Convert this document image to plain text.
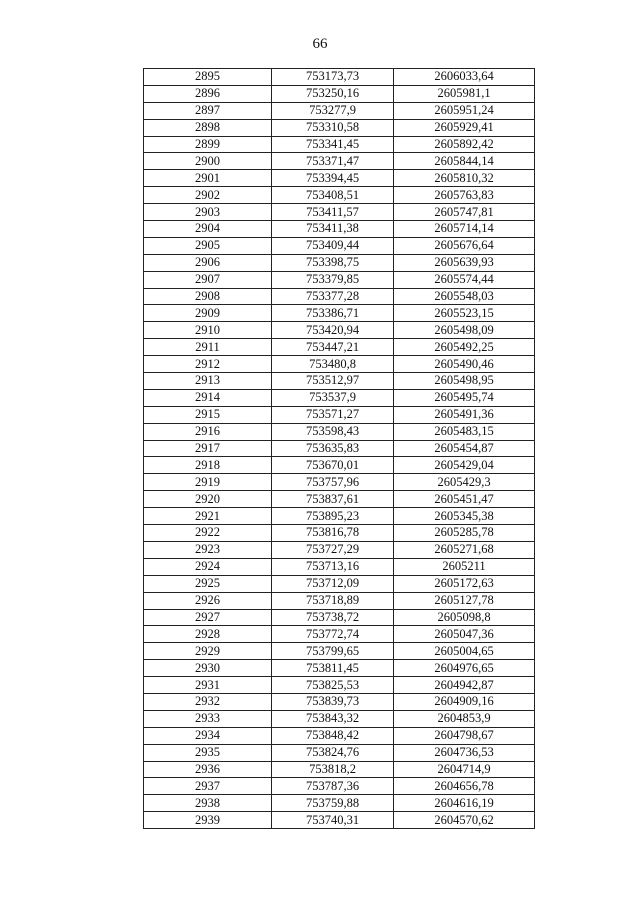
66
2895	753173,73	2606033,64
2896	753250,16	2605981,1
2897	753277,9	2605951,24
2898	753310,58	2605929,41
2899	753341,45	2605892,42
2900	753371,47	2605844,14
2901	753394,45	2605810,32
2902	753408,51	2605763,83
2903	753411,57	2605747,81
2904	753411,38	2605714,14
2905	753409,44	2605676,64
2906	753398,75	2605639,93
2907	753379,85	2605574,44
2908	753377,28	2605548,03
2909	753386,71	2605523,15
2910	753420,94	2605498,09
2911	753447,21	2605492,25
2912	753480,8	2605490,46
2913	753512,97	2605498,95
2914	753537,9	2605495,74
2915	753571,27	2605491,36
2916	753598,43	2605483,15
2917	753635,83	2605454,87
2918	753670,01	2605429,04
2919	753757,96	2605429,3
2920	753837,61	2605451,47
2921	753895,23	2605345,38
2922	753816,78	2605285,78
2923	753727,29	2605271,68
2924	753713,16	2605211
2925	753712,09	2605172,63
2926	753718,89	2605127,78
2927	753738,72	2605098,8
2928	753772,74	2605047,36
2929	753799,65	2605004,65
2930	753811,45	2604976,65
2931	753825,53	2604942,87
2932	753839,73	2604909,16
2933	753843,32	2604853,9
2934	753848,42	2604798,67
2935	753824,76	2604736,53
2936	753818,2	2604714,9
2937	753787,36	2604656,78
2938	753759,88	2604616,19
2939	753740,31	2604570,62
